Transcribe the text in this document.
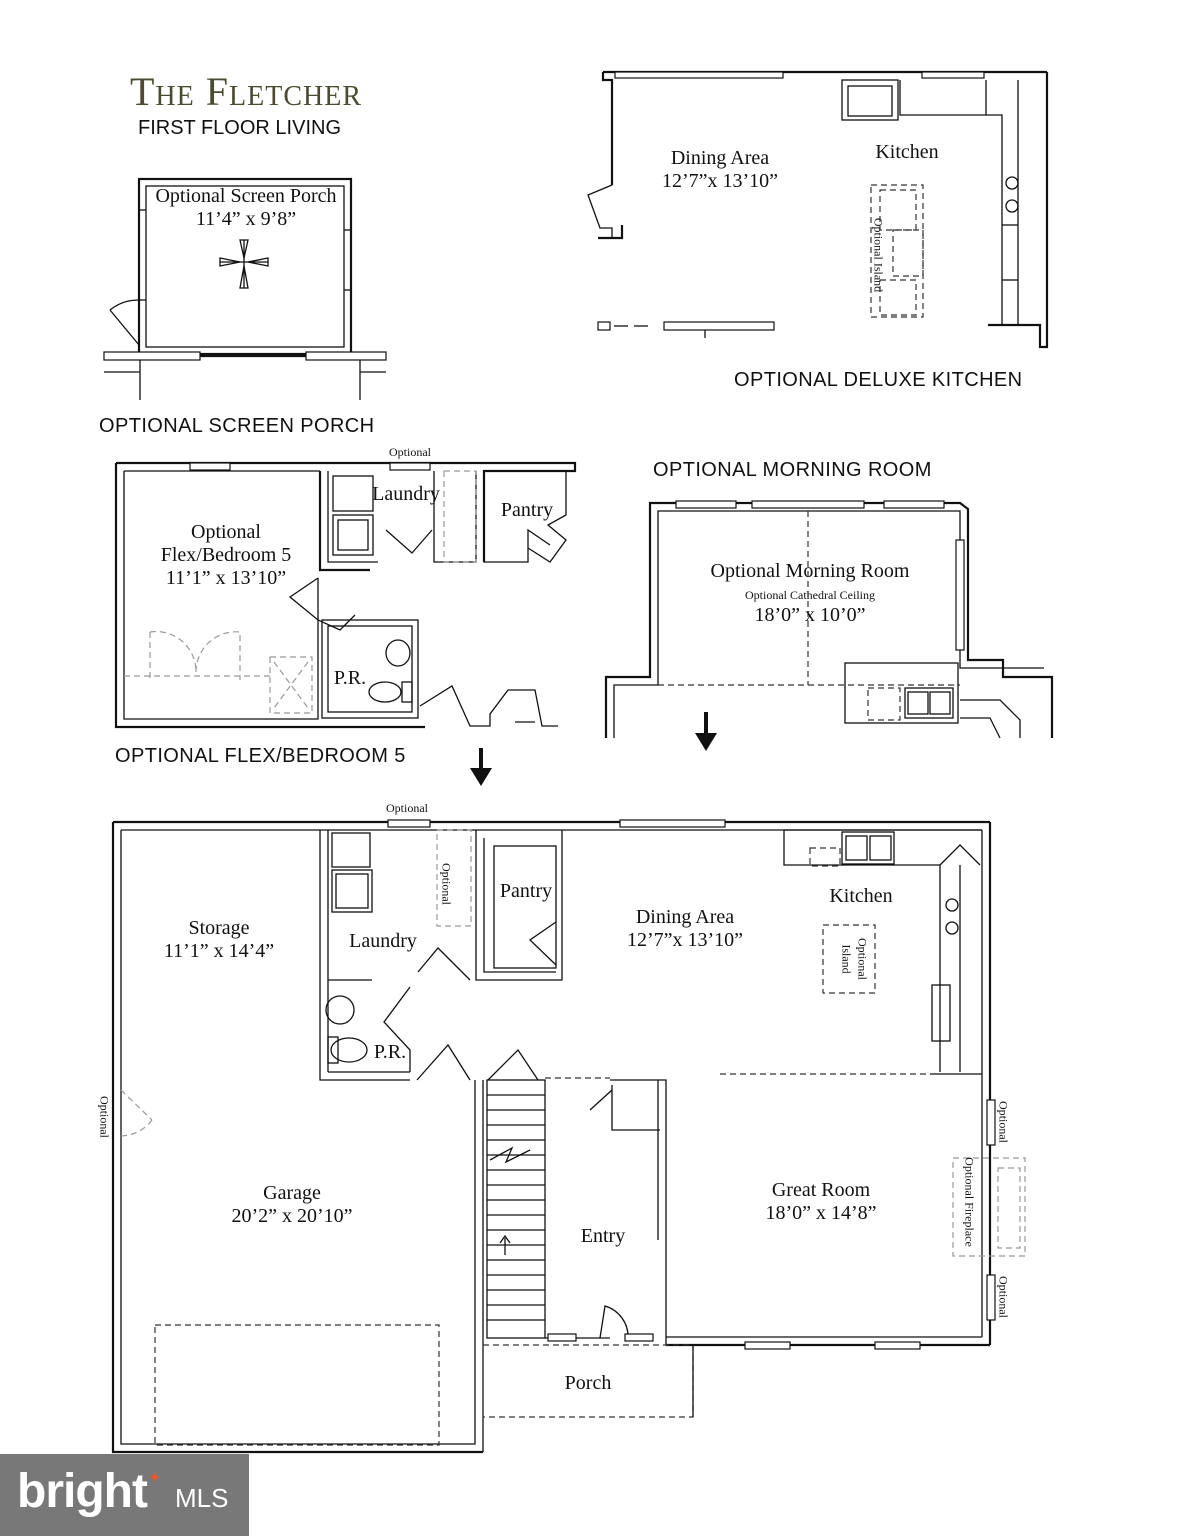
The Fletcher
FIRST FLOOR LIVING
OPTIONAL SCREEN PORCH
OPTIONAL DELUXE KITCHEN
OPTIONAL MORNING ROOM
OPTIONAL FLEX/BEDROOM 5
Optional Screen Porch
11’4” x 9’8”
Dining Area
12’7”x 13’10”
Kitchen
Optional Island
Optional
Optional
Flex/Bedroom 5
11’1” x 13’10”
Laundry
Pantry
P.R.
Optional Morning Room
Optional Cathedral Ceiling
18’0” x 10’0”
Optional
Storage
11’1” x 14’4”	Laundry
Optional Pantry
Dining Area
12’7”x 13’10”
Kitchen
Optional
Island
P.R.
Optional
Garage
20’2” x 20’10”
Entry
Great Room
18’0” x 14’8”
Optional
Optional Fireplace
Optional
Porch
bright ✦
MLS
